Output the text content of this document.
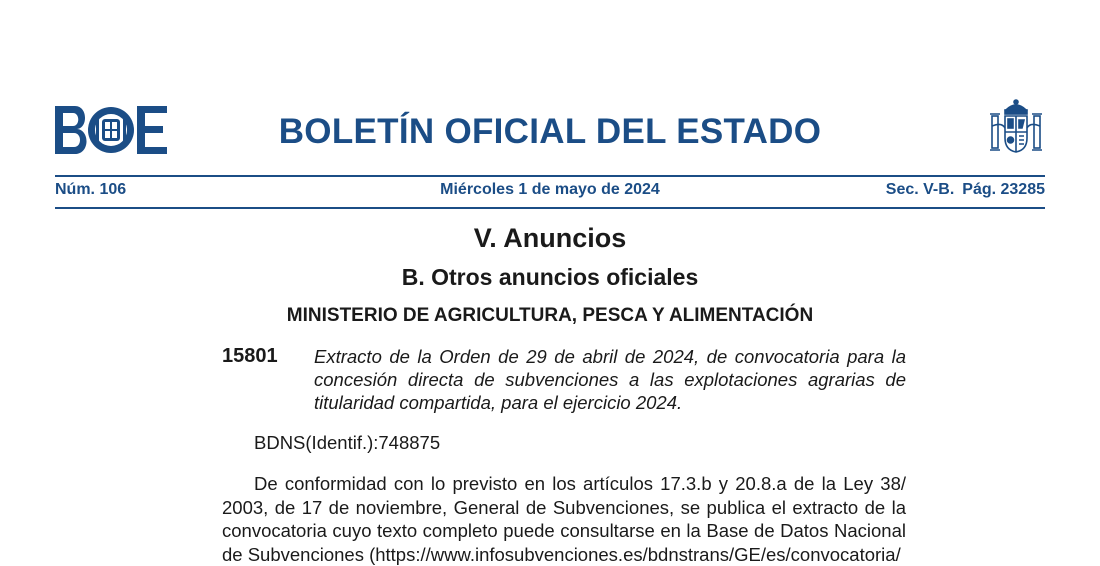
BOLETÍN OFICIAL DEL ESTADO
Núm. 106	Miércoles 1 de mayo de 2024	Sec. V-B. Pág. 23285
V. Anuncios
B. Otros anuncios oficiales
MINISTERIO DE AGRICULTURA, PESCA Y ALIMENTACIÓN
15801 Extracto de la Orden de 29 de abril de 2024, de convocatoria para la concesión directa de subvenciones a las explotaciones agrarias de titularidad compartida, para el ejercicio 2024.
BDNS(Identif.):748875
De conformidad con lo previsto en los artículos 17.3.b y 20.8.a de la Ley 38/ 2003, de 17 de noviembre, General de Subvenciones, se publica el extracto de la convocatoria cuyo texto completo puede consultarse en la Base de Datos Nacional de Subvenciones (https://www.infosubvenciones.es/bdnstrans/GE/es/convocatoria/
